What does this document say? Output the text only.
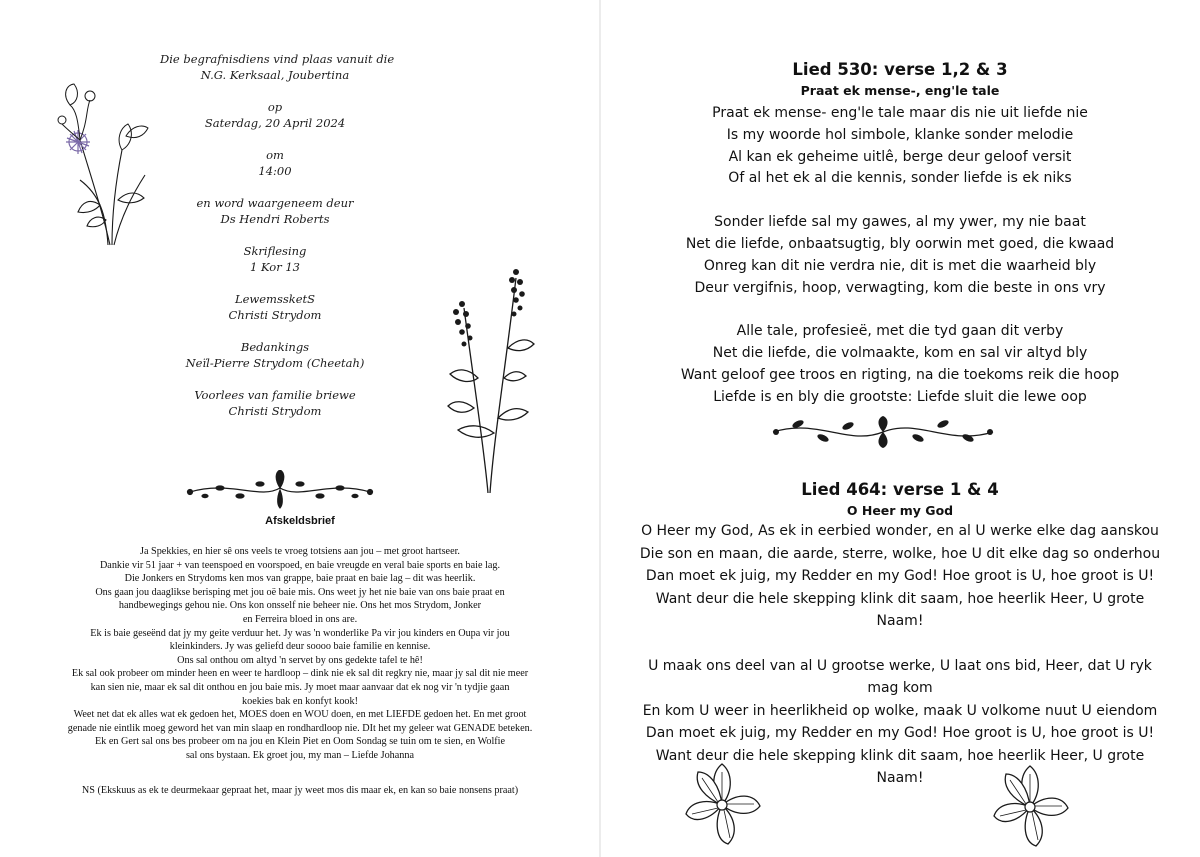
Die begrafnisdiens vind plaas vanuit die
N.G. Kerksaal, Joubertina
op
Saterdag, 20 April 2024
om
14:00
en word waargeneem deur
Ds Hendri Roberts
Skriflesing
1 Kor 13
LewemssketS
Christi Strydom
Bedankings
Neïl-Pierre Strydom (Cheetah)
Voorlees van familie briewe
Christi Strydom
Afskeldsbrief
Ja Spekkies, en hier sê ons veels te vroeg totsiens aan jou – met groot hartseer.
Dankie vir 51 jaar + van teenspoed en voorspoed, en baie vreugde en veral baie sports en baie lag.
Die Jonkers en Strydoms ken mos van grappe, baie praat en baie lag – dit was heerlik.
Ons gaan jou daaglikse berisping met jou oë baie mis. Ons weet jy het nie baie van ons baie praat en
handbewegings gehou nie. Ons kon onsself nie beheer nie. Ons het mos Strydom, Jonker
en Ferreira bloed in ons are.
Ek is baie geseënd dat jy my geite verduur het. Jy was 'n wonderlike Pa vir jou kinders en Oupa vir jou
kleinkinders. Jy was geliefd deur soooo baie familie en kennise.
Ons sal onthou om altyd 'n servet by ons gedekte tafel te hê!
Ek sal ook probeer om minder heen en weer te hardloop – dink nie ek sal dit regkry nie, maar jy sal dit nie meer
kan sien nie, maar ek sal dit onthou en jou baie mis. Jy moet maar aanvaar dat ek nog vir 'n tydjie gaan
koekies bak en konfyt kook!
Weet net dat ek alles wat ek gedoen het, MOES doen en WOU doen, en met LIEFDE gedoen het. En met groot
genade nie eintlik moeg geword het van min slaap en rondhardloop nie. DIt het my geleer wat GENADE beteken.
Ek en Gert sal ons bes probeer om na jou en Klein Piet en Oom Sondag se tuin om te sien, en Wolfie
sal ons bystaan. Ek groet jou, my man – Liefde Johanna
NS (Ekskuus as ek te deurmekaar gepraat het, maar jy weet mos dis maar ek, en kan so baie nonsens praat)
Lied 530: verse 1,2 & 3
Praat ek mense-, eng'le tale
Praat ek mense- eng'le tale maar dis nie uit liefde nie
Is my woorde hol simbole, klanke sonder melodie
Al kan ek geheime uitlê, berge deur geloof versit
Of al het ek al die kennis, sonder liefde is ek niks
Sonder liefde sal my gawes, al my ywer, my nie baat
Net die liefde, onbaatsugtig, bly oorwin met goed, die kwaad
Onreg kan dit nie verdra nie, dit is met die waarheid bly
Deur vergifnis, hoop, verwagting, kom die beste in ons vry
Alle tale, profesieë, met die tyd gaan dit verby
Net die liefde, die volmaakte, kom en sal vir altyd bly
Want geloof gee troos en rigting, na die toekoms reik die hoop
Liefde is en bly die grootste: Liefde sluit die lewe oop
Lied 464: verse 1 & 4
O Heer my God
O Heer my God, As ek in eerbied wonder, en al U werke elke dag aanskou
Die son en maan, die aarde, sterre, wolke, hoe U dit elke dag so onderhou
Dan moet ek juig, my Redder en my God! Hoe groot is U, hoe groot is U!
Want deur die hele skepping klink dit saam, hoe heerlik Heer, U grote
Naam!
U maak ons deel van al U grootse werke, U laat ons bid, Heer, dat U ryk
mag kom
En kom U weer in heerlikheid op wolke, maak U volkome nuut U eiendom
Dan moet ek juig, my Redder en my God! Hoe groot is U, hoe groot is U!
Want deur die hele skepping klink dit saam, hoe heerlik Heer, U grote
Naam!
